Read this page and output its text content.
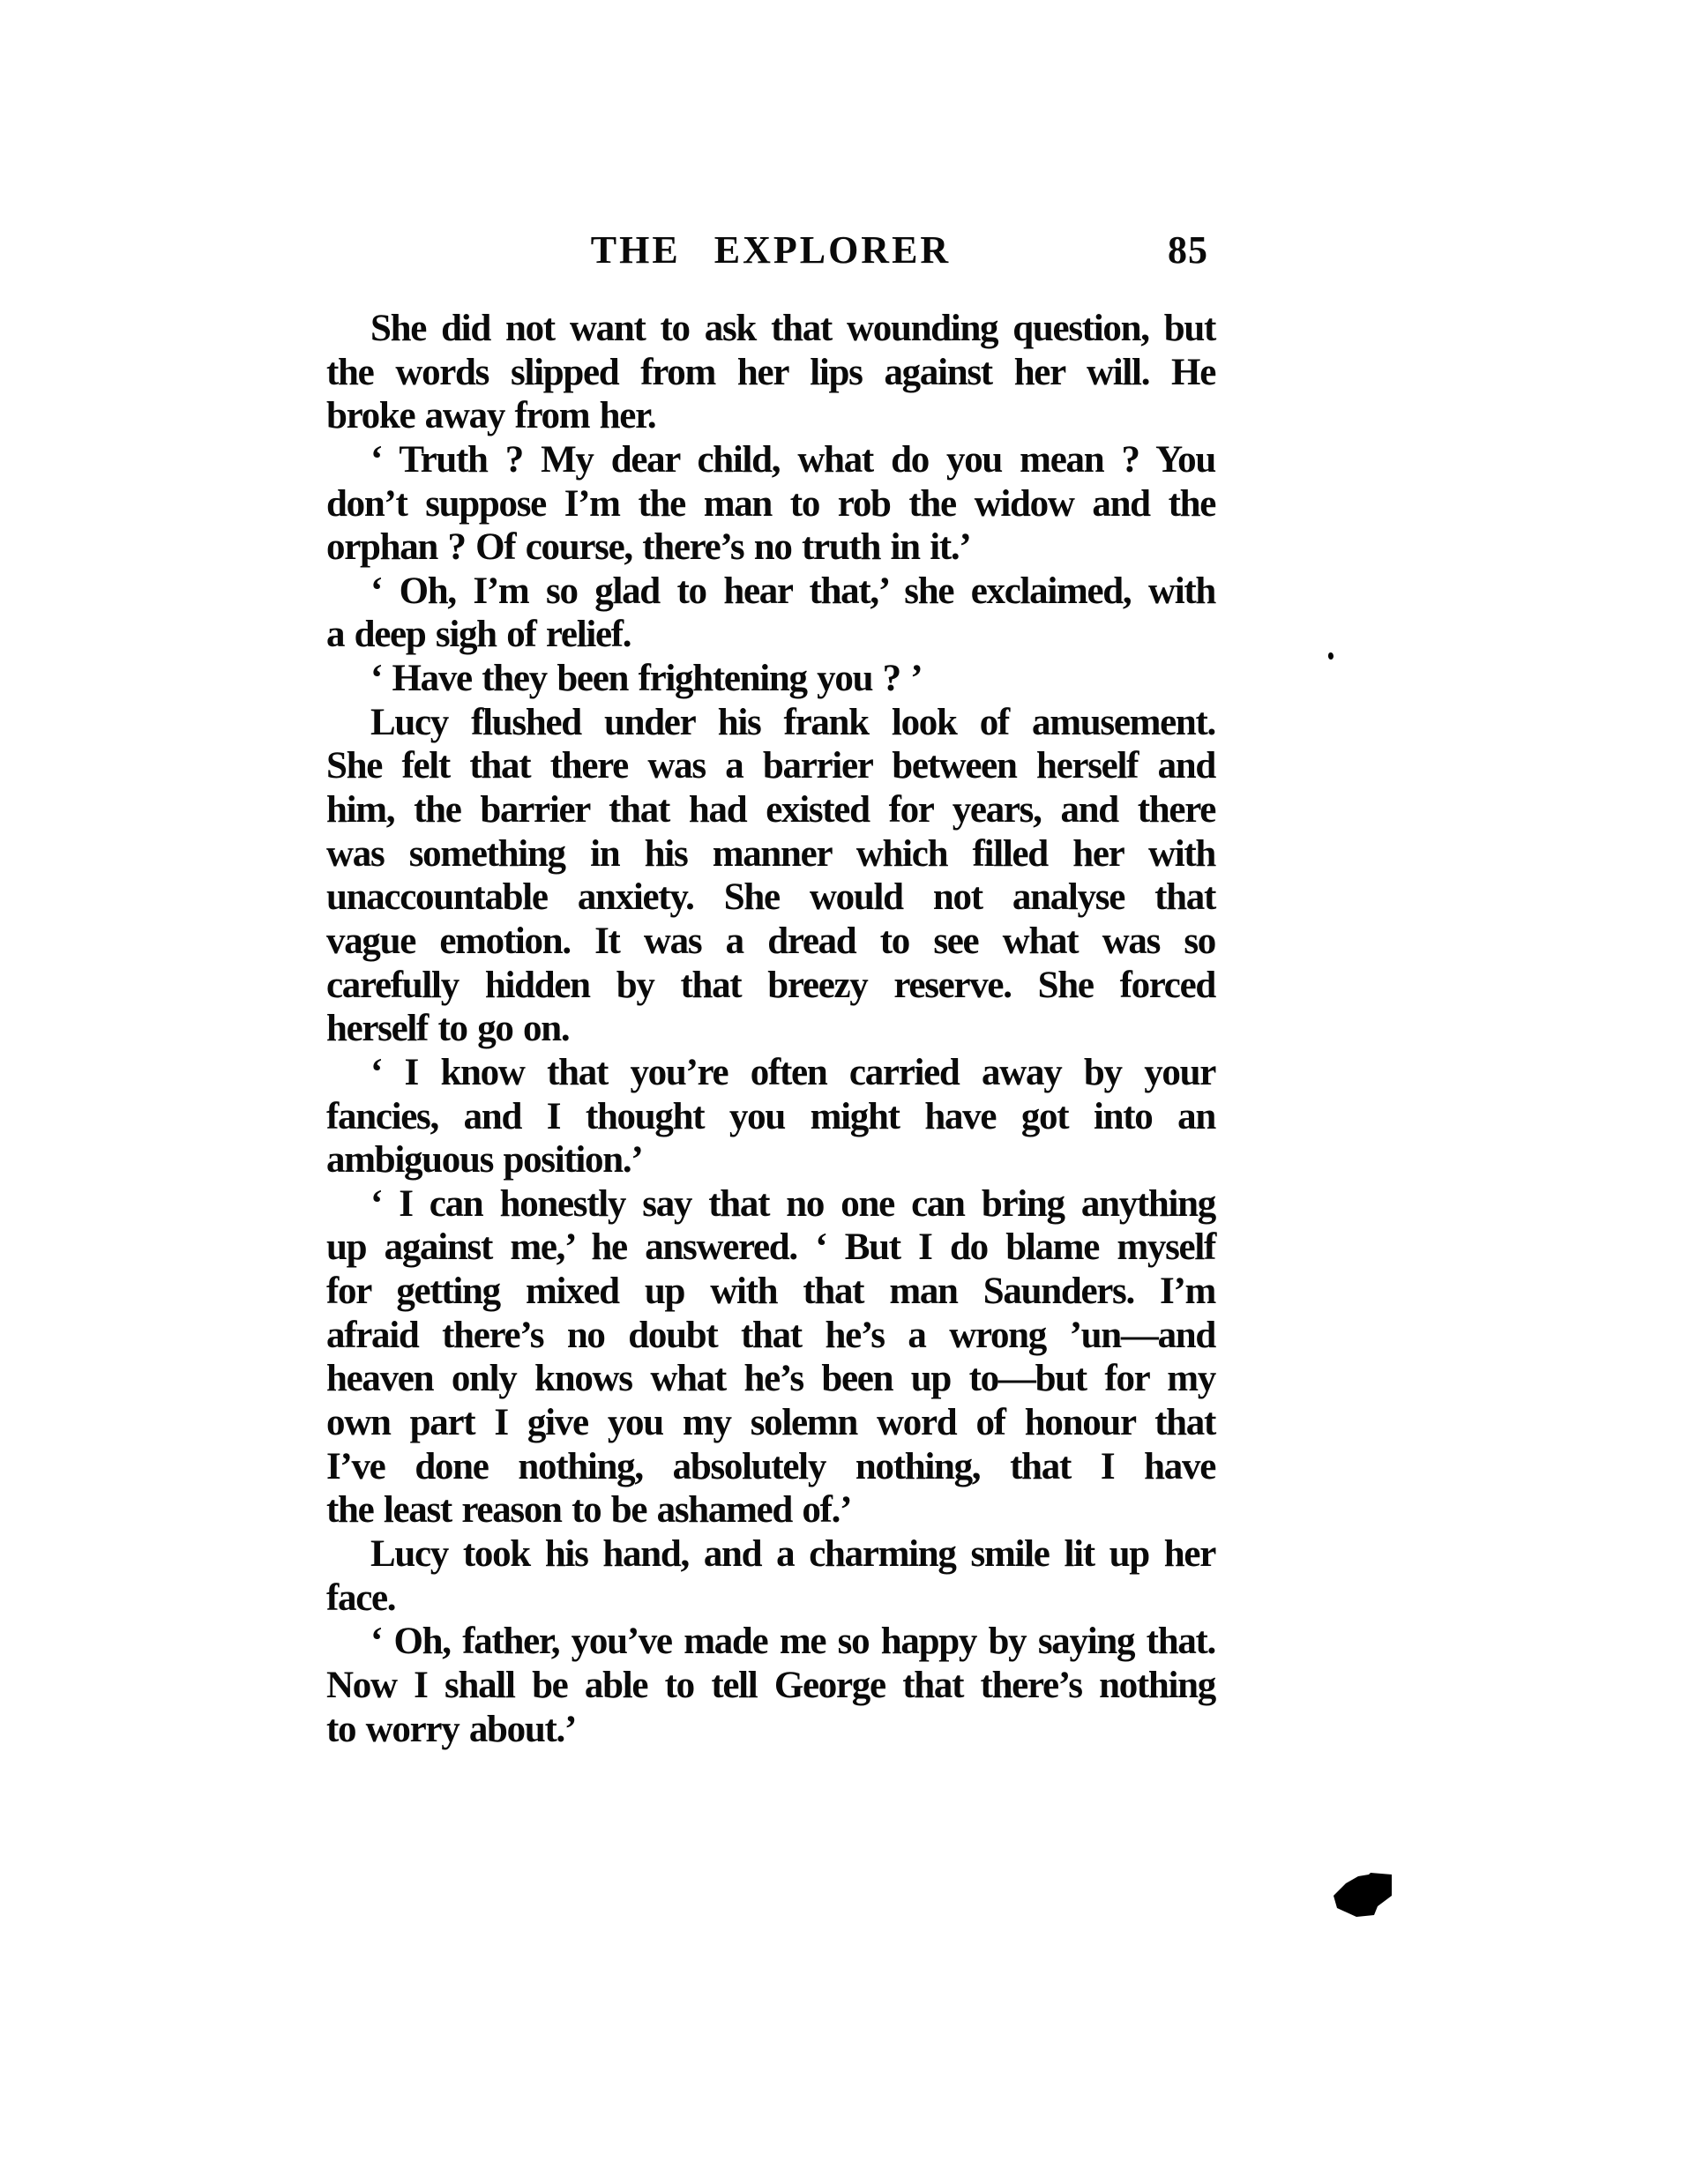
THE EXPLORER	85
She did not want to ask that wounding question, but
the words slipped from her lips against her will. He
broke away from her.
‘ Truth ? My dear child, what do you mean ? You
don’t suppose I’m the man to rob the widow and the
orphan ? Of course, there’s no truth in it.’
‘ Oh, I’m so glad to hear that,’ she exclaimed, with
a deep sigh of relief.
‘ Have they been frightening you ? ’
Lucy flushed under his frank look of amusement.
She felt that there was a barrier between herself and
him, the barrier that had existed for years, and there
was something in his manner which filled her with
unaccountable anxiety. She would not analyse that
vague emotion. It was a dread to see what was so
carefully hidden by that breezy reserve. She forced
herself to go on.
‘ I know that you’re often carried away by your
fancies, and I thought you might have got into an
ambiguous position.’
‘ I can honestly say that no one can bring anything
up against me,’ he answered. ‘ But I do blame myself
for getting mixed up with that man Saunders. I’m
afraid there’s no doubt that he’s a wrong ’un—and
heaven only knows what he’s been up to—but for my
own part I give you my solemn word of honour that
I’ve done nothing, absolutely nothing, that I have
the least reason to be ashamed of.’
Lucy took his hand, and a charming smile lit up her
face.
‘ Oh, father, you’ve made me so happy by saying that.
Now I shall be able to tell George that there’s nothing
to worry about.’
